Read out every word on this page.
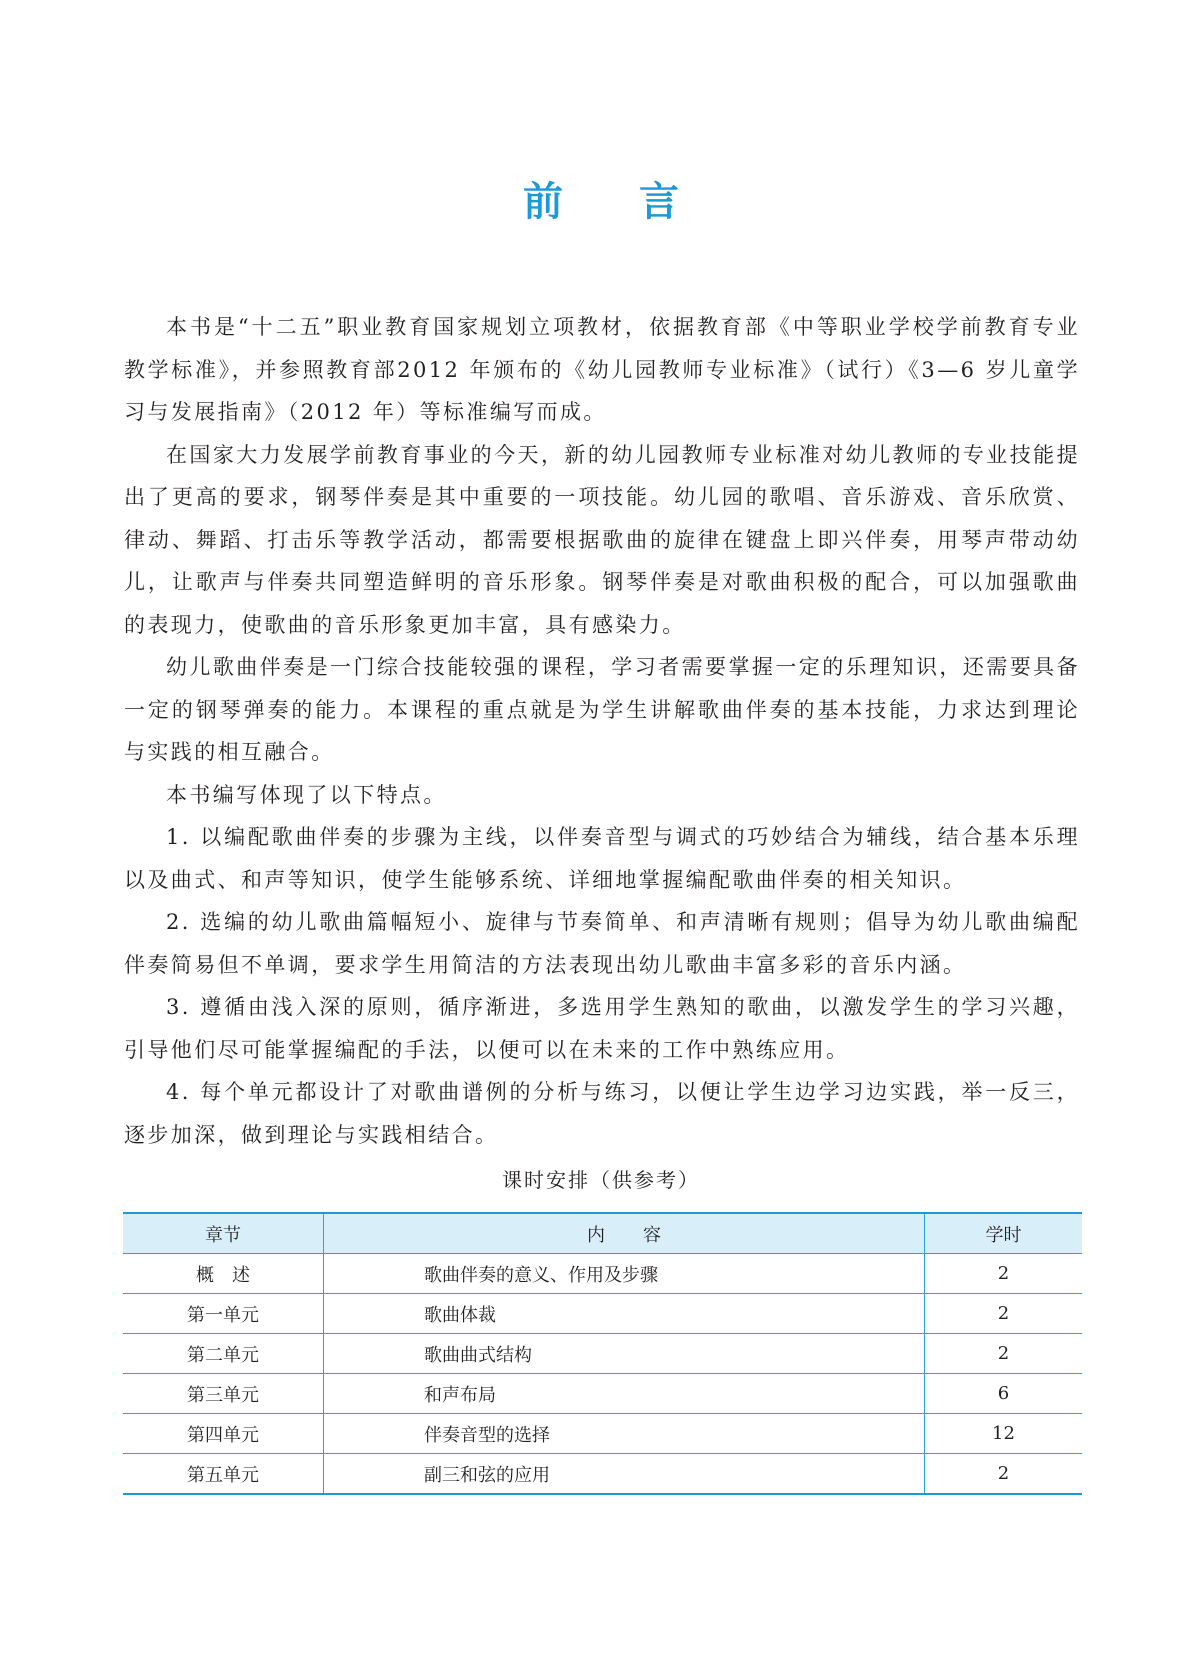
前言

本书是“十二五”职业教育国家规划立项教材，依据教育部《中等职业学校学前教育专业教学标准》，并参照教育部2012 年颁布的《幼儿园教师专业标准》（试行）《3—6 岁儿童学习与发展指南》（2012 年）等标准编写而成。

在国家大力发展学前教育事业的今天，新的幼儿园教师专业标准对幼儿教师的专业技能提出了更高的要求，钢琴伴奏是其中重要的一项技能。幼儿园的歌唱、音乐游戏、音乐欣赏、律动、舞蹈、打击乐等教学活动，都需要根据歌曲的旋律在键盘上即兴伴奏，用琴声带动幼儿，让歌声与伴奏共同塑造鲜明的音乐形象。钢琴伴奏是对歌曲积极的配合，可以加强歌曲的表现力，使歌曲的音乐形象更加丰富，具有感染力。

幼儿歌曲伴奏是一门综合技能较强的课程，学习者需要掌握一定的乐理知识，还需要具备一定的钢琴弹奏的能力。本课程的重点就是为学生讲解歌曲伴奏的基本技能，力求达到理论与实践的相互融合。

本书编写体现了以下特点。

1. 以编配歌曲伴奏的步骤为主线，以伴奏音型与调式的巧妙结合为辅线，结合基本乐理以及曲式、和声等知识，使学生能够系统、详细地掌握编配歌曲伴奏的相关知识。

2. 选编的幼儿歌曲篇幅短小、旋律与节奏简单、和声清晰有规则；倡导为幼儿歌曲编配伴奏简易但不单调，要求学生用简洁的方法表现出幼儿歌曲丰富多彩的音乐内涵。

3. 遵循由浅入深的原则，循序渐进，多选用学生熟知的歌曲，以激发学生的学习兴趣，引导他们尽可能掌握编配的手法，以便可以在未来的工作中熟练应用。

4. 每个单元都设计了对歌曲谱例的分析与练习，以便让学生边学习边实践，举一反三，逐步加深，做到理论与实践相结合。

课时安排（供参考）
章节	内容	学时
概　述	歌曲伴奏的意义、作用及步骤	2
第一单元	歌曲体裁	2
第二单元	歌曲曲式结构	2
第三单元	和声布局	6
第四单元	伴奏音型的选择	12
第五单元	副三和弦的应用	2
